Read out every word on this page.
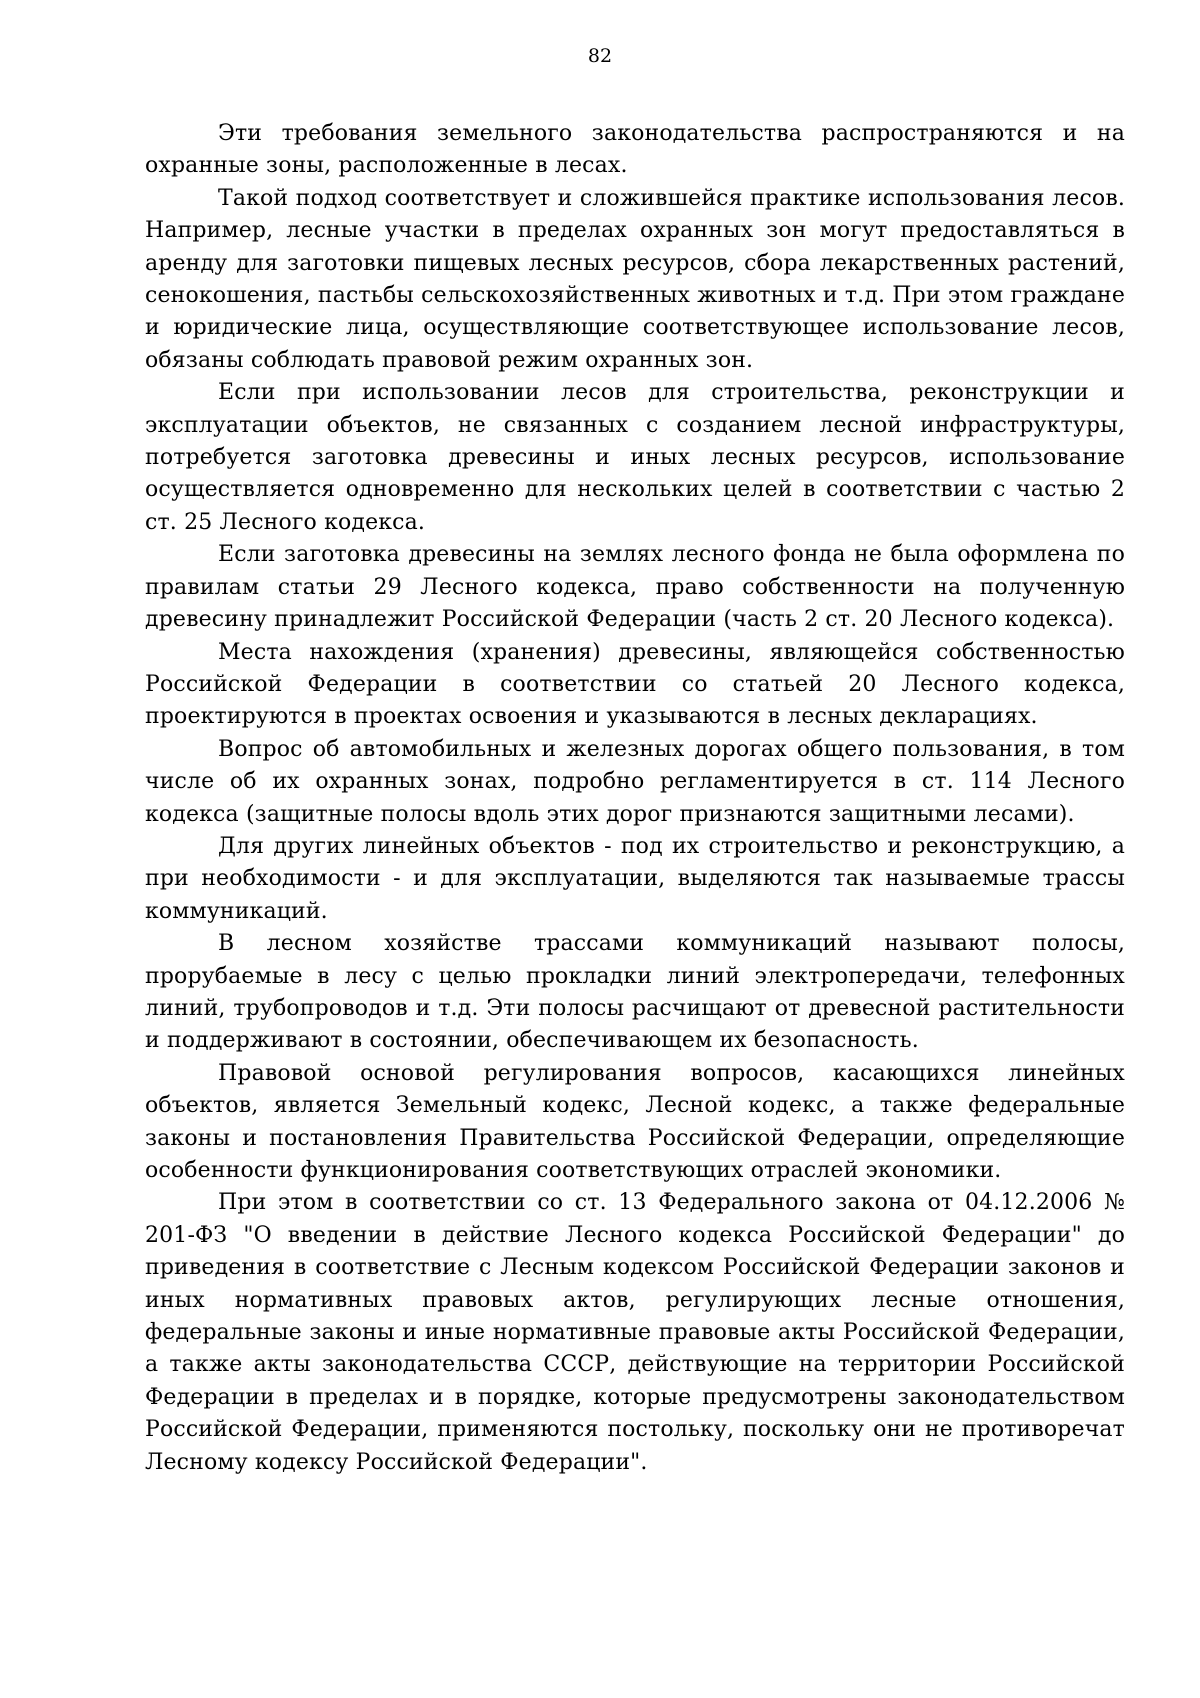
82

Эти требования земельного законодательства распространяются и на охранные зоны, расположенные в лесах.

Такой подход соответствует и сложившейся практике использования лесов. Например, лесные участки в пределах охранных зон могут предоставляться в аренду для заготовки пищевых лесных ресурсов, сбора лекарственных растений, сенокошения, пастьбы сельскохозяйственных животных и т.д. При этом граждане и юридические лица, осуществляющие соответствующее использование лесов, обязаны соблюдать правовой режим охранных зон.

Если при использовании лесов для строительства, реконструкции и эксплуатации объектов, не связанных с созданием лесной инфраструктуры, потребуется заготовка древесины и иных лесных ресурсов, использование осуществляется одновременно для нескольких целей в соответствии с частью 2 ст. 25 Лесного кодекса.

Если заготовка древесины на землях лесного фонда не была оформлена по правилам статьи 29 Лесного кодекса, право собственности на полученную древесину принадлежит Российской Федерации (часть 2 ст. 20 Лесного кодекса).

Места нахождения (хранения) древесины, являющейся собственностью Российской Федерации в соответствии со статьей 20 Лесного кодекса, проектируются в проектах освоения и указываются в лесных декларациях.

Вопрос об автомобильных и железных дорогах общего пользования, в том числе об их охранных зонах, подробно регламентируется в ст. 114 Лесного кодекса (защитные полосы вдоль этих дорог признаются защитными лесами).

Для других линейных объектов - под их строительство и реконструкцию, а при необходимости - и для эксплуатации, выделяются так называемые трассы коммуникаций.

В лесном хозяйстве трассами коммуникаций называют полосы, прорубаемые в лесу с целью прокладки линий электропередачи, телефонных линий, трубопроводов и т.д. Эти полосы расчищают от древесной растительности и поддерживают в состоянии, обеспечивающем их безопасность.

Правовой основой регулирования вопросов, касающихся линейных объектов, является Земельный кодекс, Лесной кодекс, а также федеральные законы и постановления Правительства Российской Федерации, определяющие особенности функционирования соответствующих отраслей экономики.

При этом в соответствии со ст. 13 Федерального закона от 04.12.2006 № 201-ФЗ "О введении в действие Лесного кодекса Российской Федерации" до приведения в соответствие с Лесным кодексом Российской Федерации законов и иных нормативных правовых актов, регулирующих лесные отношения, федеральные законы и иные нормативные правовые акты Российской Федерации, а также акты законодательства СССР, действующие на территории Российской Федерации в пределах и в порядке, которые предусмотрены законодательством Российской Федерации, применяются постольку, поскольку они не противоречат Лесному кодексу Российской Федерации".
